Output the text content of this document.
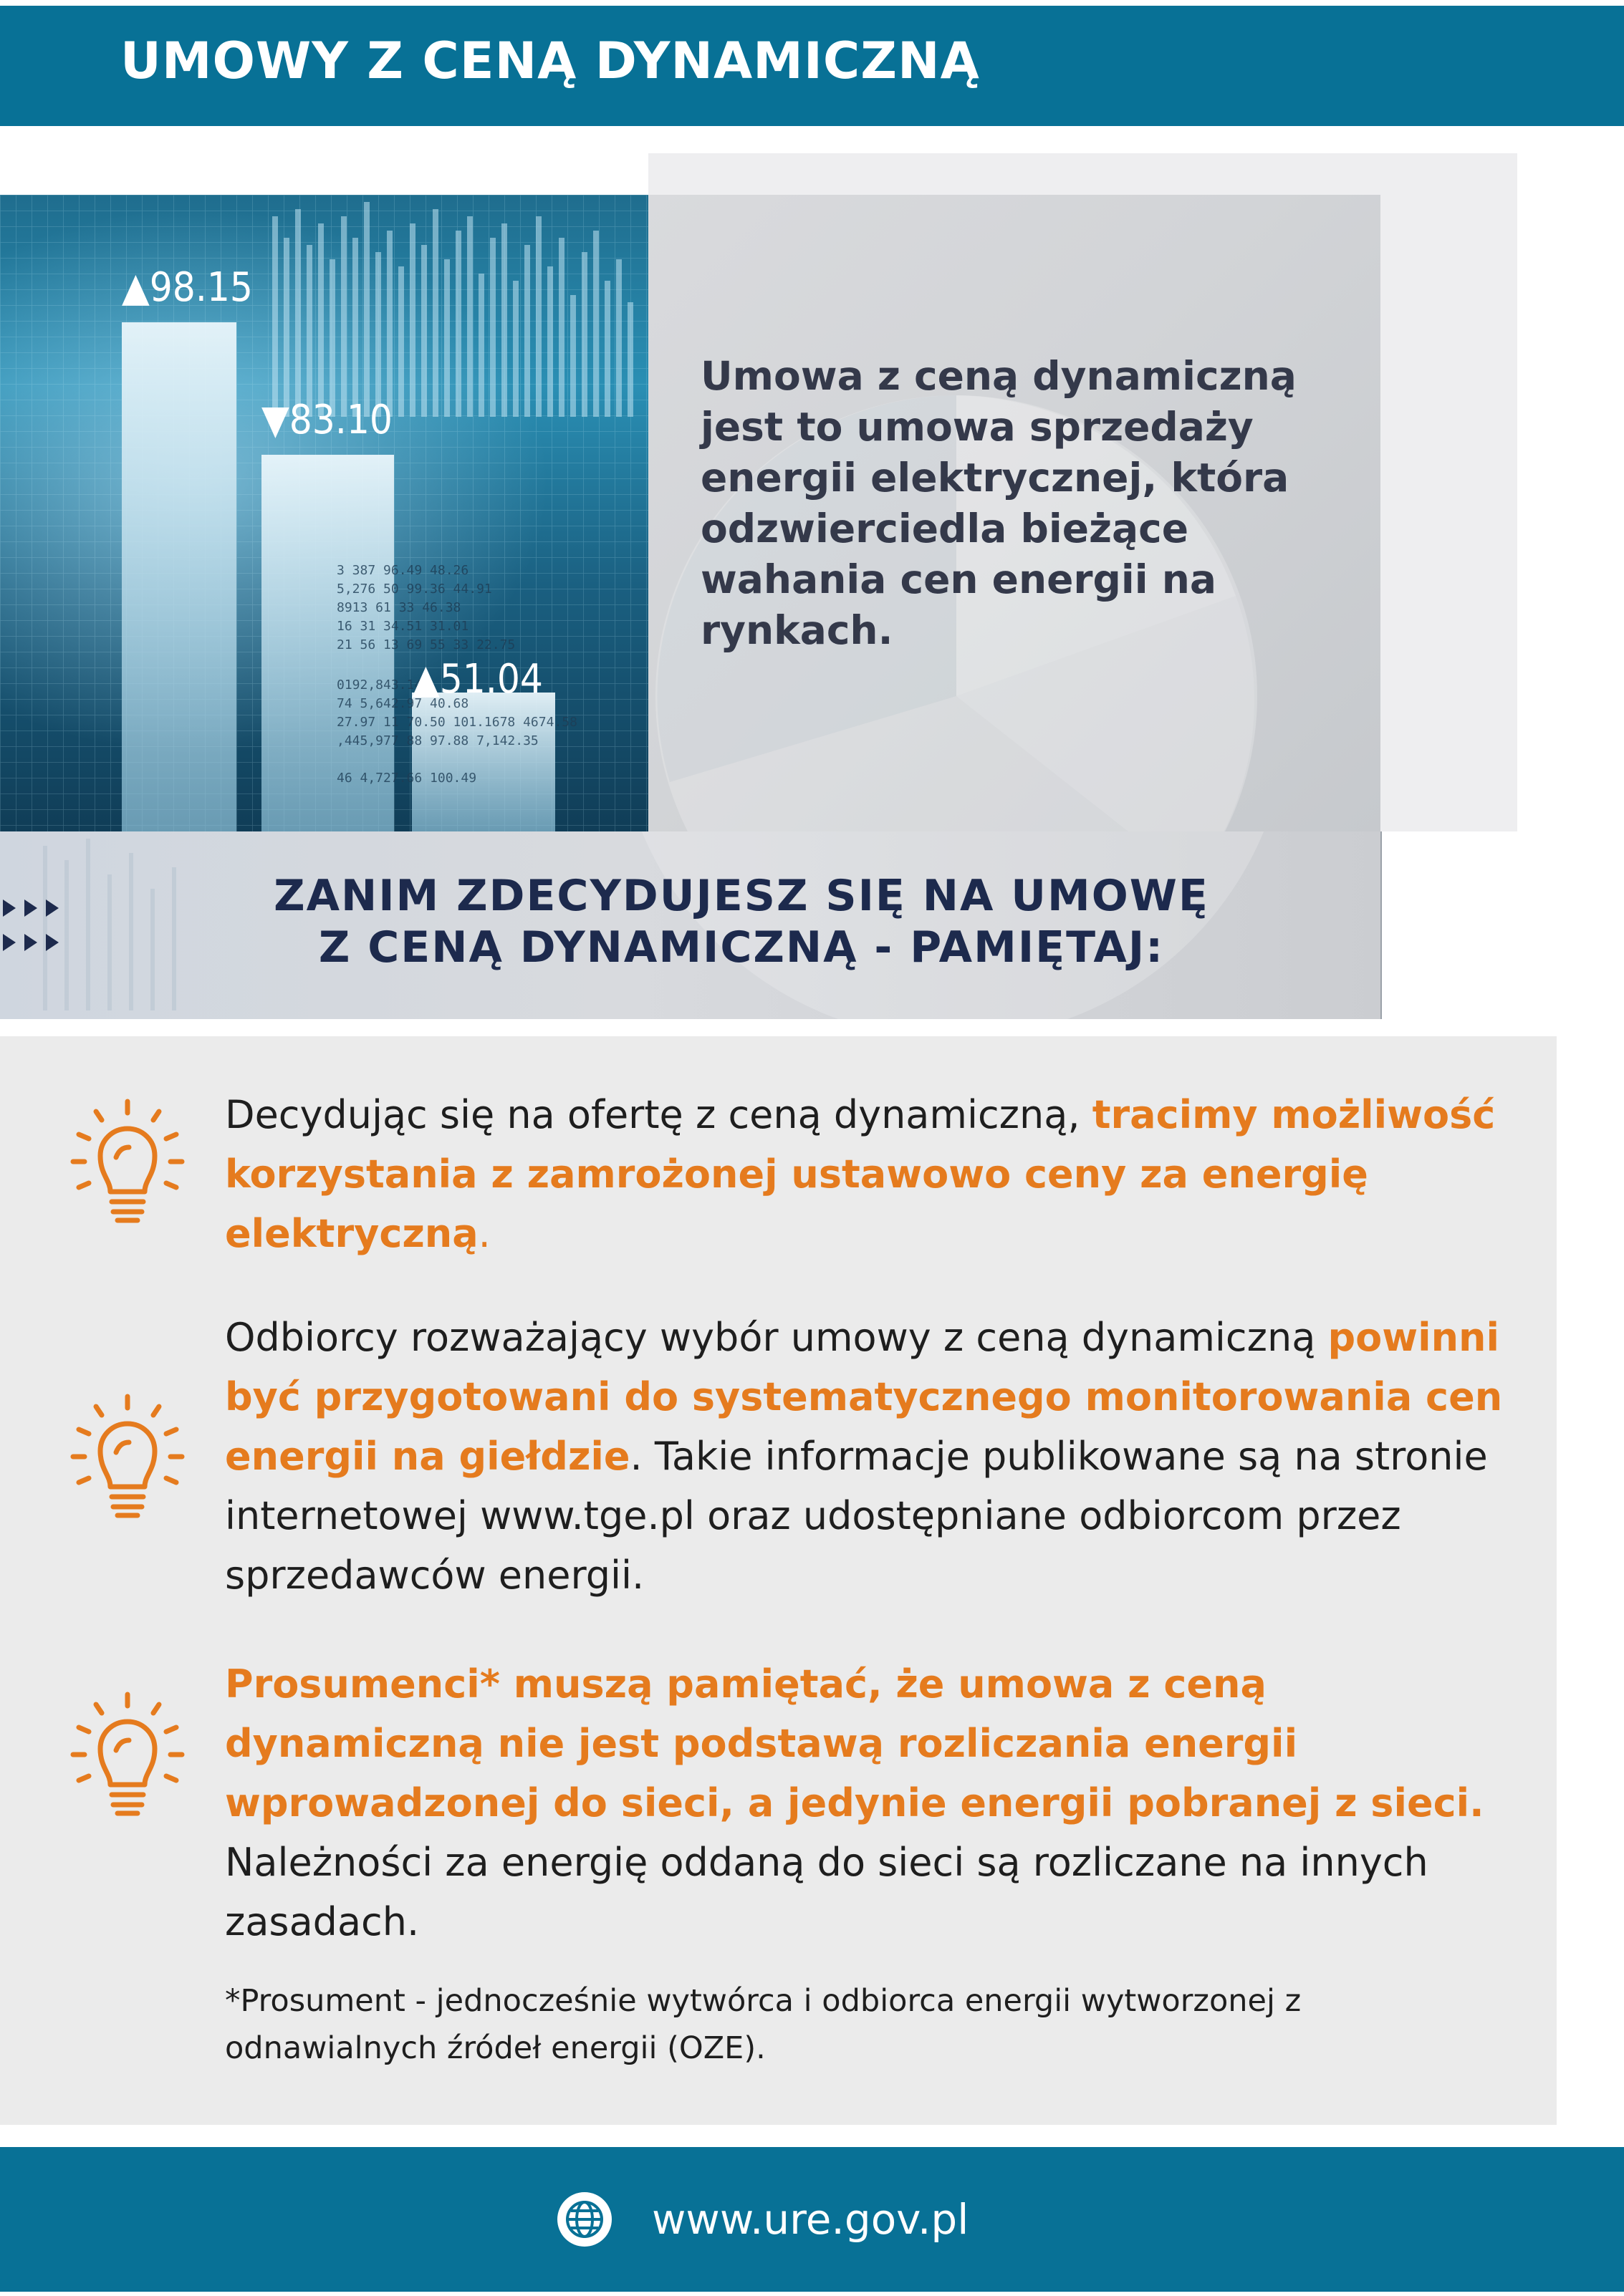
UMOWY Z CENĄ DYNAMICZNĄ
3 387 96.49 48.26
5,276 50 99.36 44.91
8913 61 33 46.38
16 31 34.51 31.01
21 56 13 69 55 33 22.75
0192,843.14
74 5,642.97 40.68
27.97 11 70.50 101.1678 4674.58
,445,977 88 97.88 7,142.35
46 4,727.66 100.49
▲98.15
▼83.10
▲51.04

Umowa z ceną dynamiczną jest to umowa sprzedaży energii elektrycznej, która odzwierciedla bieżące wahania cen energii na rynkach.

ZANIM ZDECYDUJESZ SIĘ NA UMOWĘ
Z CENĄ DYNAMICZNĄ - PAMIĘTAJ:

Decydując się na ofertę z ceną dynamiczną, tracimy możliwość korzystania z zamrożonej ustawowo ceny za energię elektryczną.

Odbiorcy rozważający wybór umowy z ceną dynamiczną powinni być przygotowani do systematycznego monitorowania cen energii na giełdzie. Takie informacje publikowane są na stronie internetowej www.tge.pl oraz udostępniane odbiorcom przez sprzedawców energii.

Prosumenci* muszą pamiętać, że umowa z ceną dynamiczną nie jest podstawą rozliczania energii wprowadzonej do sieci, a jedynie energii pobranej z sieci. Należności za energię oddaną do sieci są rozliczane na innych zasadach.

*Prosument - jednocześnie wytwórca i odbiorca energii wytworzonej z odnawialnych źródeł energii (OZE).

www.ure.gov.pl
